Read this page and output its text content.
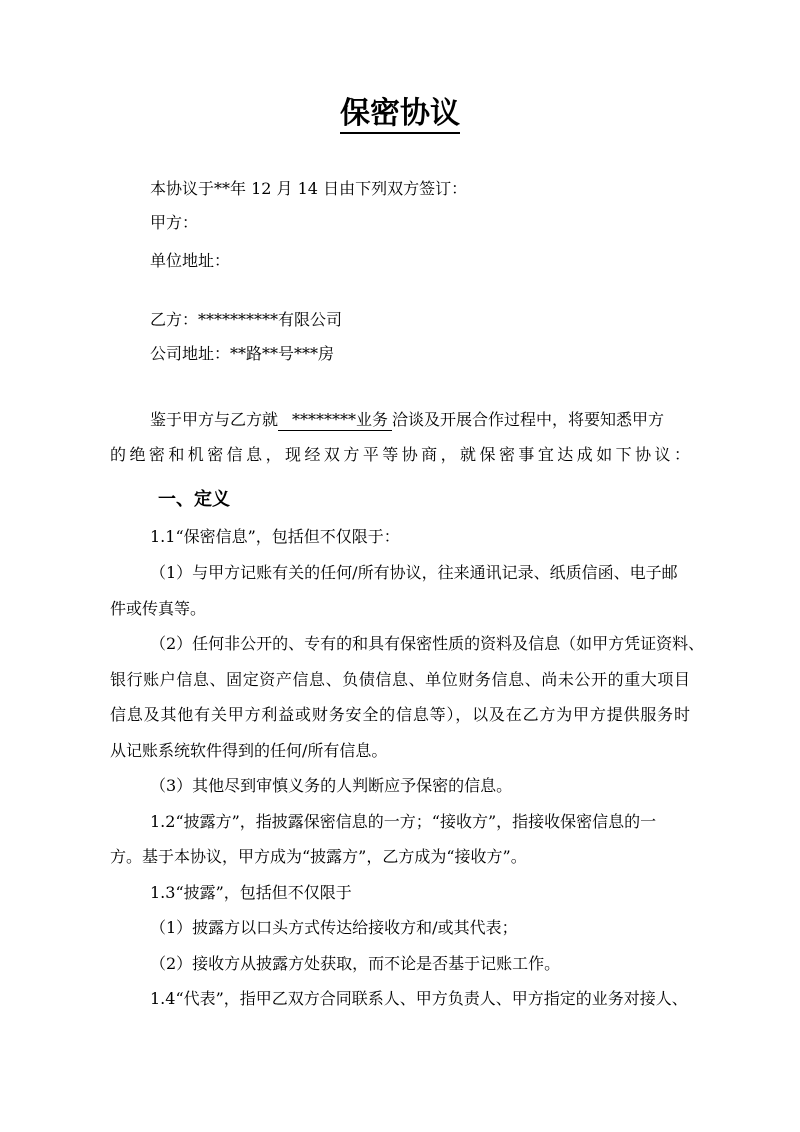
保密协议
本协议于**年 12 月 14 日由下列双方签订：
甲方：
单位地址：
乙方：**********有限公司
公司地址：**路**号***房
鉴于甲方与乙方就 ********业务 洽谈及开展合作过程中，将要知悉甲方
的绝密和机密信息，现经双方平等协商，就保密事宜达成如下协议：
一、定义
1.1“保密信息”，包括但不仅限于：
（1）与甲方记账有关的任何/所有协议，往来通讯记录、纸质信函、电子邮
件或传真等。
（2）任何非公开的、专有的和具有保密性质的资料及信息（如甲方凭证资料、
银行账户信息、固定资产信息、负债信息、单位财务信息、尚未公开的重大项目
信息及其他有关甲方利益或财务安全的信息等），以及在乙方为甲方提供服务时
从记账系统软件得到的任何/所有信息。
（3）其他尽到审慎义务的人判断应予保密的信息。
1.2“披露方”，指披露保密信息的一方；“接收方”，指接收保密信息的一
方。基于本协议，甲方成为“披露方”，乙方成为“接收方”。
1.3“披露”，包括但不仅限于
（1）披露方以口头方式传达给接收方和/或其代表；
（2）接收方从披露方处获取，而不论是否基于记账工作。
1.4“代表”，指甲乙双方合同联系人、甲方负责人、甲方指定的业务对接人、
